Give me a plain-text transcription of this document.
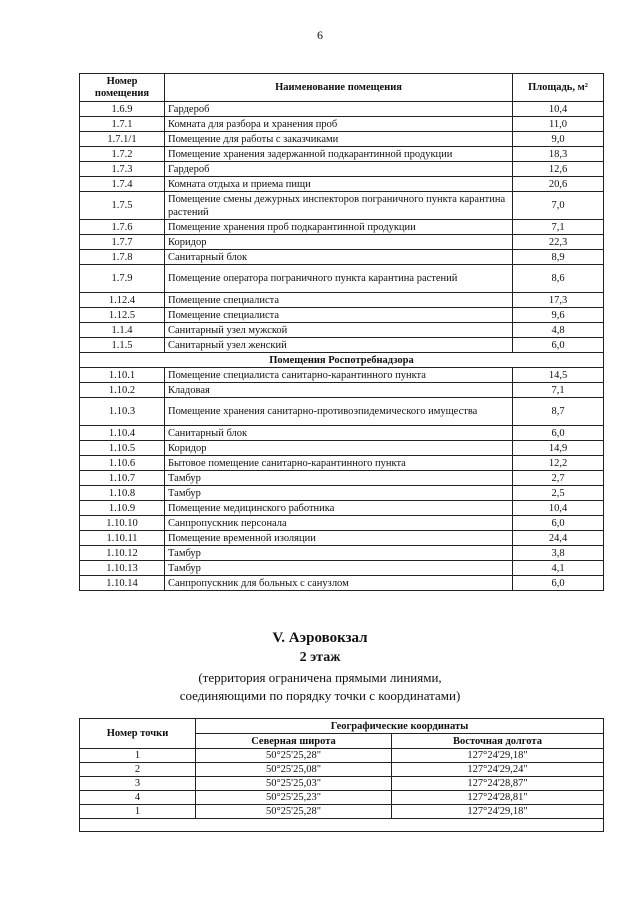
6
Номер помещения	Наименование помещения	Площадь, м²
1.6.9	Гардероб	10,4
1.7.1	Комната для разбора и хранения проб	11,0
1.7.1/1	Помещение для работы с заказчиками	9,0
1.7.2	Помещение хранения задержанной подкарантинной продукции	18,3
1.7.3	Гардероб	12,6
1.7.4	Комната отдыха и приема пищи	20,6
1.7.5	Помещение смены дежурных инспекторов пограничного пункта карантина растений	7,0
1.7.6	Помещение хранения проб подкарантинной продукции	7,1
1.7.7	Коридор	22,3
1.7.8	Санитарный блок	8,9
1.7.9	Помещение оператора пограничного пункта карантина растений	8,6
1.12.4	Помещение специалиста	17,3
1.12.5	Помещение специалиста	9,6
1.1.4	Санитарный узел мужской	4,8
1.1.5	Санитарный узел женский	6,0
Помещения Роспотребнадзора		
1.10.1	Помещение специалиста санитарно-карантинного пункта	14,5
1.10.2	Кладовая	7,1
1.10.3	Помещение хранения санитарно-противоэпидемического имущества	8,7
1.10.4	Санитарный блок	6,0
1.10.5	Коридор	14,9
1.10.6	Бытовое помещение санитарно-карантинного пункта	12,2
1.10.7	Тамбур	2,7
1.10.8	Тамбур	2,5
1.10.9	Помещение медицинского работника	10,4
1.10.10	Санпропускник персонала	6,0
1.10.11	Помещение временной изоляции	24,4
1.10.12	Тамбур	3,8
1.10.13	Тамбур	4,1
1.10.14	Санпропускник для больных с санузлом	6,0
V. Аэровокзал
2 этаж
(территория ограничена прямыми линиями,
соединяющими по порядку точки с координатами)
Номер точки	Географические координаты	
	Северная широта	Восточная долгота
1	50°25'25,28"	127°24'29,18"
2	50°25'25,08"	127°24'29,24"
3	50°25'25,03"	127°24'28,87"
4	50°25'25,23"	127°24'28,81"
1	50°25'25,28"	127°24'29,18"
